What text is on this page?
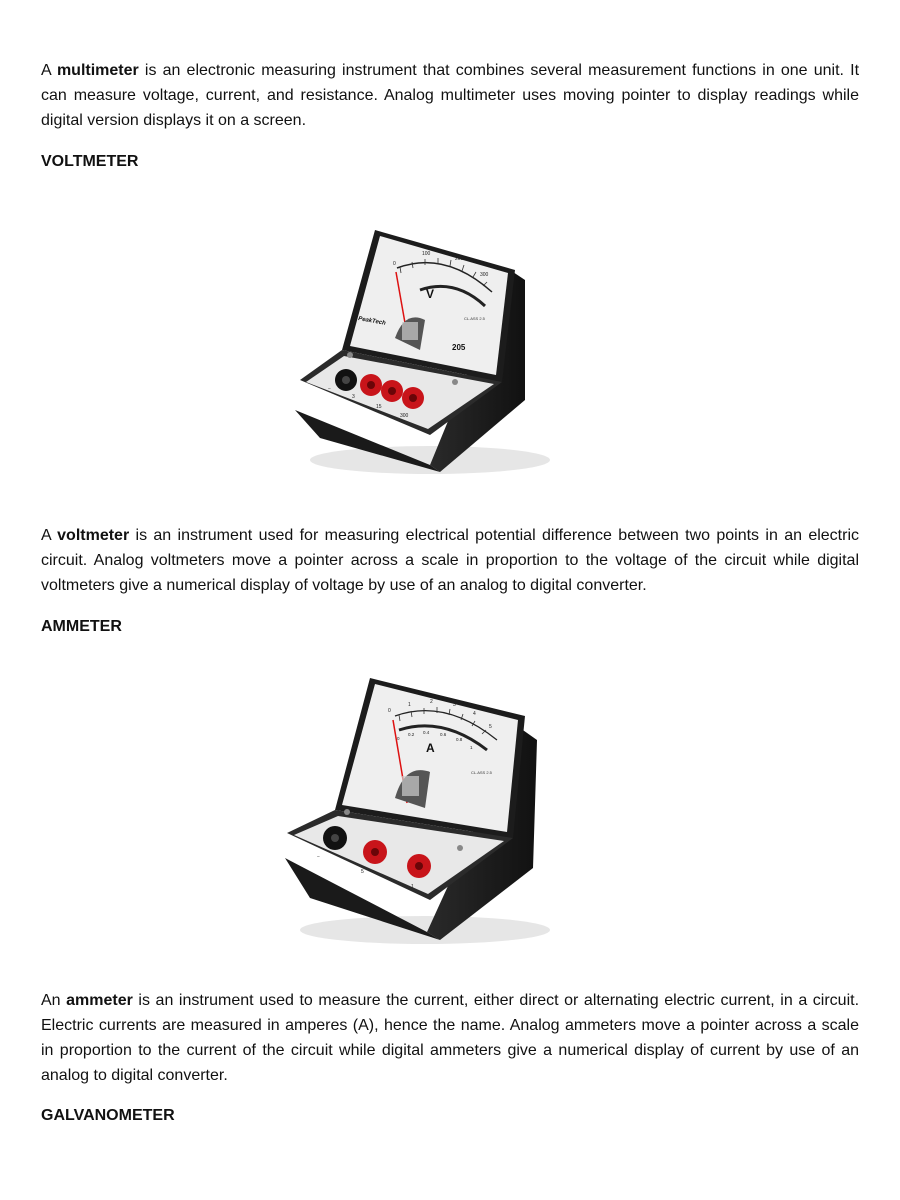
A multimeter is an electronic measuring instrument that combines several measurement functions in one unit. It can measure voltage, current, and resistance. Analog multimeter uses moving pointer to display readings while digital version displays it on a screen.

VOLTMETER

0
100
200
300
V
PeakTech	CL.ASS 2.5
205
−
3
15
300

A voltmeter is an instrument used for measuring electrical potential difference between two points in an electric circuit. Analog voltmeters move a pointer across a scale in proportion to the voltage of the circuit while digital voltmeters give a numerical display of voltage by use of an analog to digital converter.

AMMETER

0
1	2	3
4
5
0
0.2 0.4 0.6
0.8
1
A
CL.ASS 2.5
−
5
1

An ammeter is an instrument used to measure the current, either direct or alternating electric current, in a circuit. Electric currents are measured in amperes (A), hence the name. Analog ammeters move a pointer across a scale in proportion to the current of the circuit while digital ammeters give a numerical display of current by use of an analog to digital converter.

GALVANOMETER
